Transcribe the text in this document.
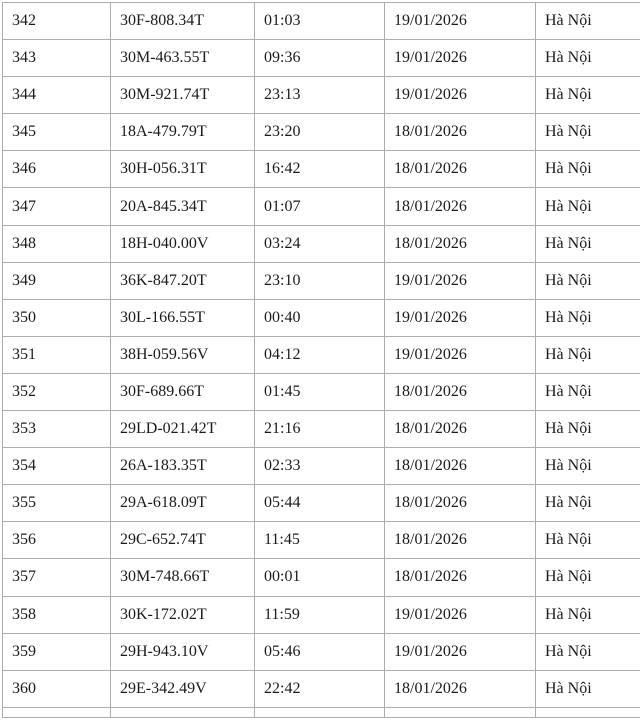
342	30F-808.34T	01:03	19/01/2026	Hà Nội
343	30M-463.55T	09:36	19/01/2026	Hà Nội
344	30M-921.74T	23:13	19/01/2026	Hà Nội
345	18A-479.79T	23:20	18/01/2026	Hà Nội
346	30H-056.31T	16:42	18/01/2026	Hà Nội
347	20A-845.34T	01:07	18/01/2026	Hà Nội
348	18H-040.00V	03:24	18/01/2026	Hà Nội
349	36K-847.20T	23:10	19/01/2026	Hà Nội
350	30L-166.55T	00:40	19/01/2026	Hà Nội
351	38H-059.56V	04:12	19/01/2026	Hà Nội
352	30F-689.66T	01:45	18/01/2026	Hà Nội
353	29LD-021.42T	21:16	18/01/2026	Hà Nội
354	26A-183.35T	02:33	18/01/2026	Hà Nội
355	29A-618.09T	05:44	18/01/2026	Hà Nội
356	29C-652.74T	11:45	18/01/2026	Hà Nội
357	30M-748.66T	00:01	18/01/2026	Hà Nội
358	30K-172.02T	11:59	19/01/2026	Hà Nội
359	29H-943.10V	05:46	19/01/2026	Hà Nội
360	29E-342.49V	22:42	18/01/2026	Hà Nội
